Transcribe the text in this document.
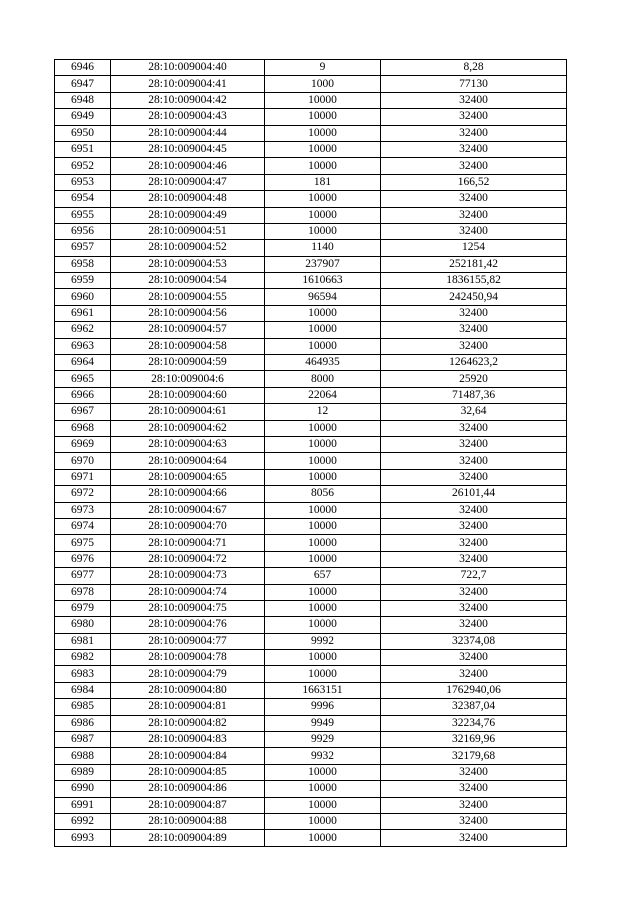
6946	28:10:009004:40	9	8,28
6947	28:10:009004:41	1000	77130
6948	28:10:009004:42	10000	32400
6949	28:10:009004:43	10000	32400
6950	28:10:009004:44	10000	32400
6951	28:10:009004:45	10000	32400
6952	28:10:009004:46	10000	32400
6953	28:10:009004:47	181	166,52
6954	28:10:009004:48	10000	32400
6955	28:10:009004:49	10000	32400
6956	28:10:009004:51	10000	32400
6957	28:10:009004:52	1140	1254
6958	28:10:009004:53	237907	252181,42
6959	28:10:009004:54	1610663	1836155,82
6960	28:10:009004:55	96594	242450,94
6961	28:10:009004:56	10000	32400
6962	28:10:009004:57	10000	32400
6963	28:10:009004:58	10000	32400
6964	28:10:009004:59	464935	1264623,2
6965	28:10:009004:6	8000	25920
6966	28:10:009004:60	22064	71487,36
6967	28:10:009004:61	12	32,64
6968	28:10:009004:62	10000	32400
6969	28:10:009004:63	10000	32400
6970	28:10:009004:64	10000	32400
6971	28:10:009004:65	10000	32400
6972	28:10:009004:66	8056	26101,44
6973	28:10:009004:67	10000	32400
6974	28:10:009004:70	10000	32400
6975	28:10:009004:71	10000	32400
6976	28:10:009004:72	10000	32400
6977	28:10:009004:73	657	722,7
6978	28:10:009004:74	10000	32400
6979	28:10:009004:75	10000	32400
6980	28:10:009004:76	10000	32400
6981	28:10:009004:77	9992	32374,08
6982	28:10:009004:78	10000	32400
6983	28:10:009004:79	10000	32400
6984	28:10:009004:80	1663151	1762940,06
6985	28:10:009004:81	9996	32387,04
6986	28:10:009004:82	9949	32234,76
6987	28:10:009004:83	9929	32169,96
6988	28:10:009004:84	9932	32179,68
6989	28:10:009004:85	10000	32400
6990	28:10:009004:86	10000	32400
6991	28:10:009004:87	10000	32400
6992	28:10:009004:88	10000	32400
6993	28:10:009004:89	10000	32400
